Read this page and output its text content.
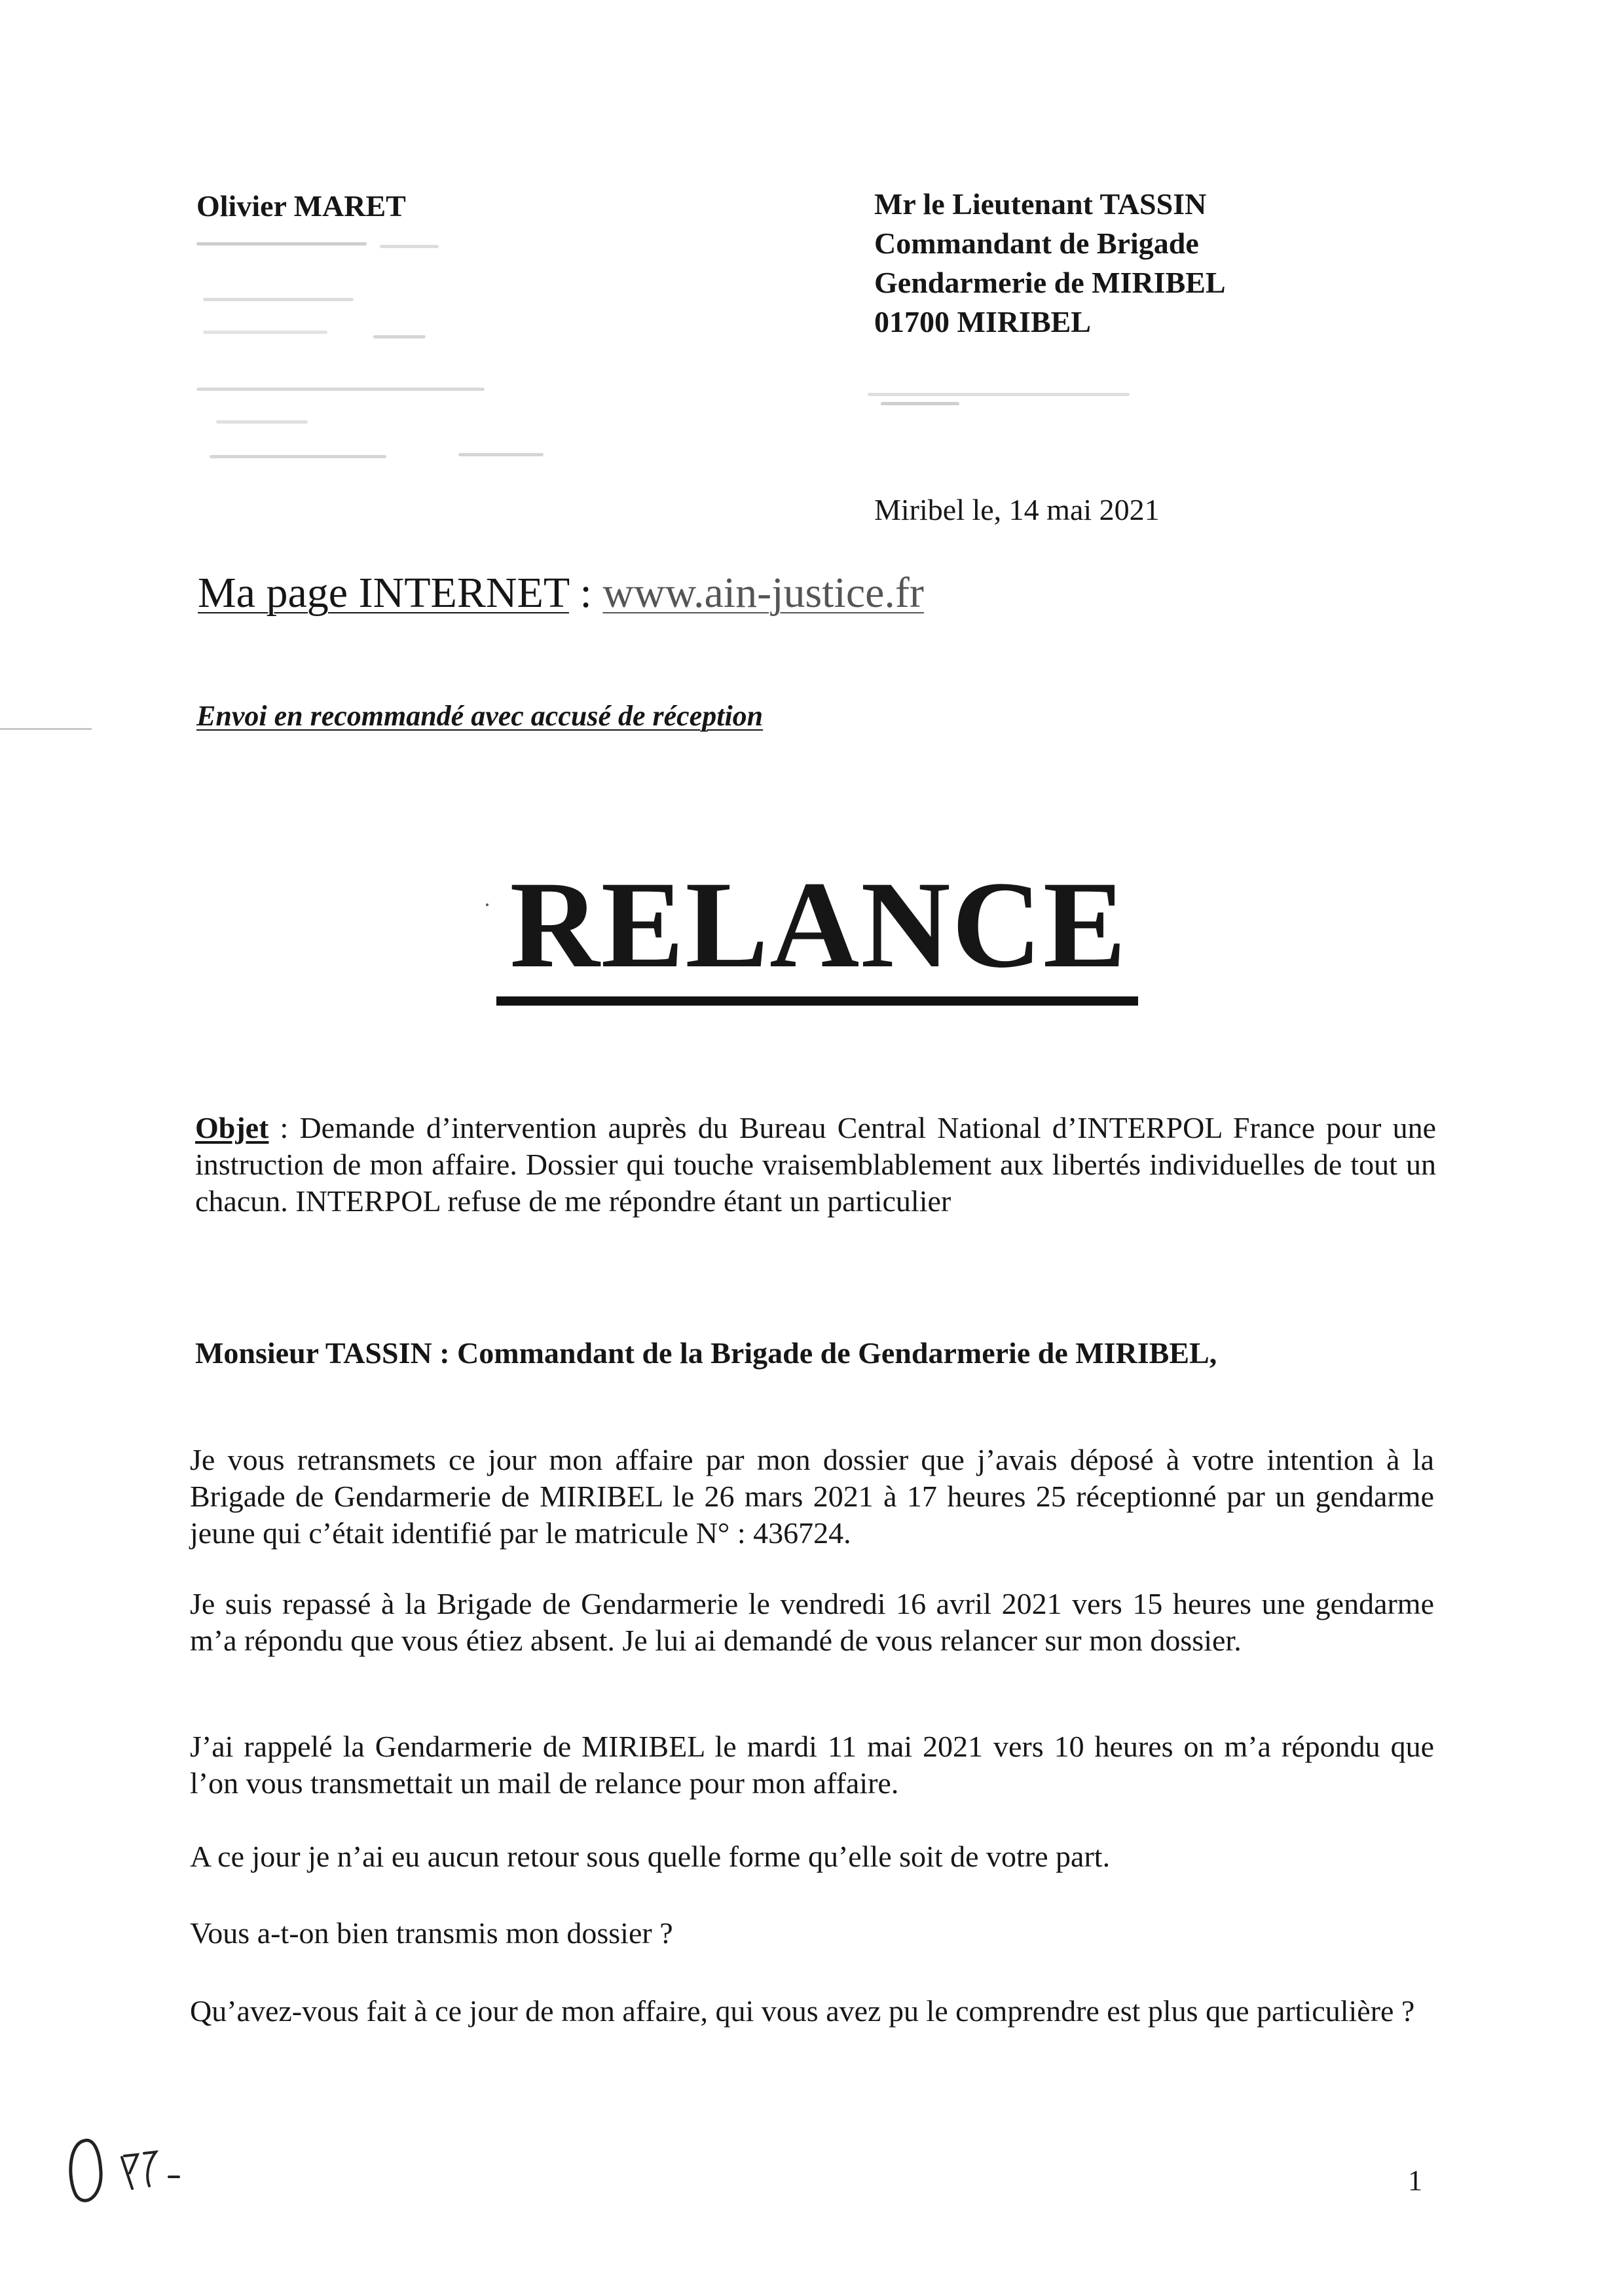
Olivier MARET	Mr le Lieutenant TASSIN
Commandant de Brigade
Gendarmerie de MIRIBEL
01700 MIRIBEL
Miribel le, 14 mai 2021
Ma page INTERNET : www.ain-justice.fr
Envoi en recommandé avec accusé de réception
RELANCE
Objet : Demande d’intervention auprès du Bureau Central National d’INTERPOL France pour une instruction de mon affaire. Dossier qui touche vraisemblablement aux libertés individuelles de tout un chacun. INTERPOL refuse de me répondre étant un particulier
Monsieur TASSIN : Commandant de la Brigade de Gendarmerie de MIRIBEL,

Je vous retransmets ce jour mon affaire par mon dossier que j’avais déposé à votre intention à la Brigade de Gendarmerie de MIRIBEL le 26 mars 2021 à 17 heures 25 réceptionné par un gendarme jeune qui c’était identifié par le matricule N° : 436724.

Je suis repassé à la Brigade de Gendarmerie le vendredi 16 avril 2021 vers 15 heures une gendarme m’a répondu que vous étiez absent. Je lui ai demandé de vous relancer sur mon dossier.

J’ai rappelé la Gendarmerie de MIRIBEL le mardi 11 mai 2021 vers 10 heures on m’a répondu que l’on vous transmettait un mail de relance pour mon affaire.

A ce jour je n’ai eu aucun retour sous quelle forme qu’elle soit de votre part.

Vous a-t-on bien transmis mon dossier ?

Qu’avez-vous fait à ce jour de mon affaire, qui vous avez pu le comprendre est plus que particulière ?

1
